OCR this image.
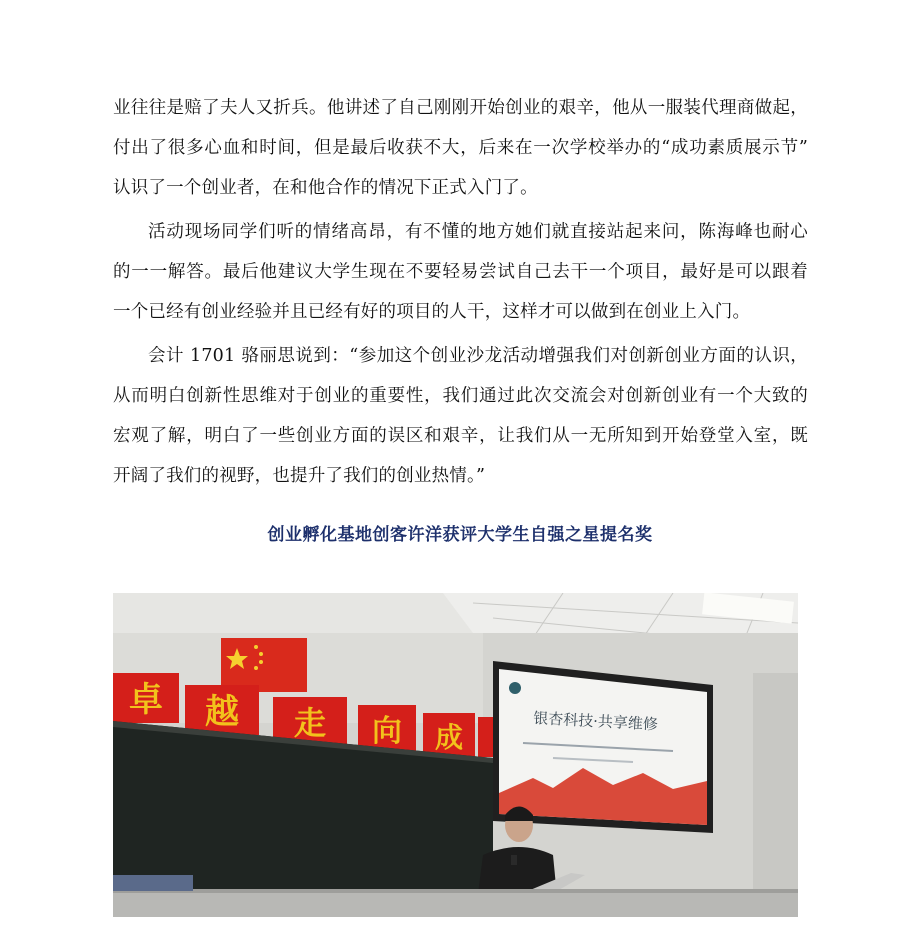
业往往是赔了夫人又折兵。他讲述了自己刚刚开始创业的艰辛，他从一服装代理商做起，
付出了很多心血和时间，但是最后收获不大，后来在一次学校举办的“成功素质展示节”
认识了一个创业者，在和他合作的情况下正式入门了。

活动现场同学们听的情绪高昂，有不懂的地方她们就直接站起来问，陈海峰也耐心
的一一解答。最后他建议大学生现在不要轻易尝试自己去干一个项目，最好是可以跟着
一个已经有创业经验并且已经有好的项目的人干，这样才可以做到在创业上入门。

会计 1701 骆丽思说到：“参加这个创业沙龙活动增强我们对创新创业方面的认识，
从而明白创新性思维对于创业的重要性，我们通过此次交流会对创新创业有一个大致的
宏观了解，明白了一些创业方面的误区和艰辛，让我们从一无所知到开始登堂入室，既
开阔了我们的视野，也提升了我们的创业热情。”

创业孵化基地创客许洋获评大学生自强之星提名奖
卓 越 走 向 成	银杏科技·共享维修
